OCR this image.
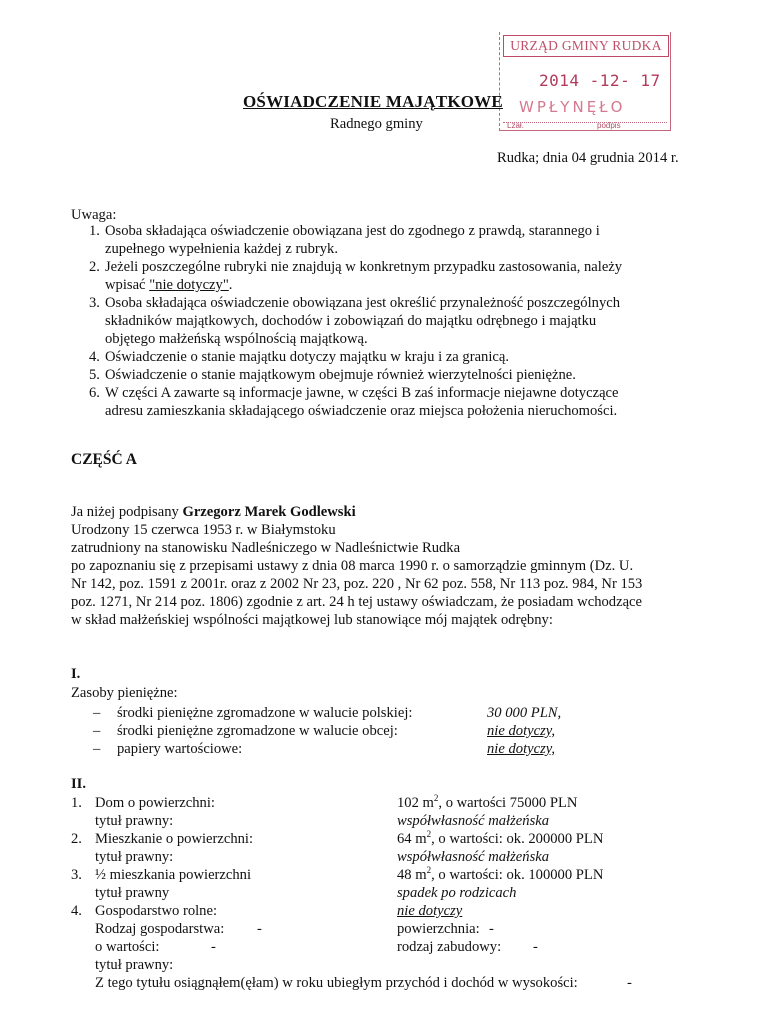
URZĄD GMINY RUDKA
2014 -12- 17
WPŁYNĘŁO
Lzał.	podpis
OŚWIADCZENIE MAJĄTKOWE
Radnego gminy
Rudka; dnia 04 grudnia 2014 r.
Uwaga:
1. Osoba składająca oświadczenie obowiązana jest do zgodnego z prawdą, starannego i
zupełnego wypełnienia każdej z rubryk.
2. Jeżeli poszczególne rubryki nie znajdują w konkretnym przypadku zastosowania, należy
wpisać "nie dotyczy".
3. Osoba składająca oświadczenie obowiązana jest określić przynależność poszczególnych
składników majątkowych, dochodów i zobowiązań do majątku odrębnego i majątku
objętego małżeńską wspólnością majątkową.
4. Oświadczenie o stanie majątku dotyczy majątku w kraju i za granicą.
5. Oświadczenie o stanie majątkowym obejmuje również wierzytelności pieniężne.
6. W części A zawarte są informacje jawne, w części B zaś informacje niejawne dotyczące
adresu zamieszkania składającego oświadczenie oraz miejsca położenia nieruchomości.
CZĘŚĆ A
Ja niżej podpisany Grzegorz Marek Godlewski
Urodzony 15 czerwca 1953 r. w Białymstoku
zatrudniony na stanowisku Nadleśniczego w Nadleśnictwie Rudka
po zapoznaniu się z przepisami ustawy z dnia 08 marca 1990 r. o samorządzie gminnym (Dz. U.
Nr 142, poz. 1591 z 2001r. oraz z 2002 Nr 23, poz. 220 , Nr 62 poz. 558, Nr 113 poz. 984, Nr 153
poz. 1271, Nr 214 poz. 1806) zgodnie z art. 24 h tej ustawy oświadczam, że posiadam wchodzące
w skład małżeńskiej wspólności majątkowej lub stanowiące mój majątek odrębny:
I.
Zasoby pieniężne:
– środki pieniężne zgromadzone w walucie polskiej:	30 000 PLN,
– środki pieniężne zgromadzone w walucie obcej:	nie dotyczy,
– papiery wartościowe:	nie dotyczy,
II.
1. Dom o powierzchni:	102 $m^2$, o wartości 75000 PLN
tytuł prawny:	współwłasność małżeńska
2. Mieszkanie o powierzchni:	64 $m^2$, o wartości: ok. 200000 PLN
tytuł prawny:	współwłasność małżeńska
3. ½ mieszkania powierzchni	48 $m^2$, o wartości: ok. 100000 PLN
tytuł prawny	spadek po rodzicach
4. Gospodarstwo rolne:	nie dotyczy
Rodzaj gospodarstwa: -	powierzchnia: -
o wartości:	-	rodzaj zabudowy: -
tytuł prawny:
Z tego tytułu osiągnąłem(ęłam) w roku ubiegłym przychód i dochód w wysokości:	-
